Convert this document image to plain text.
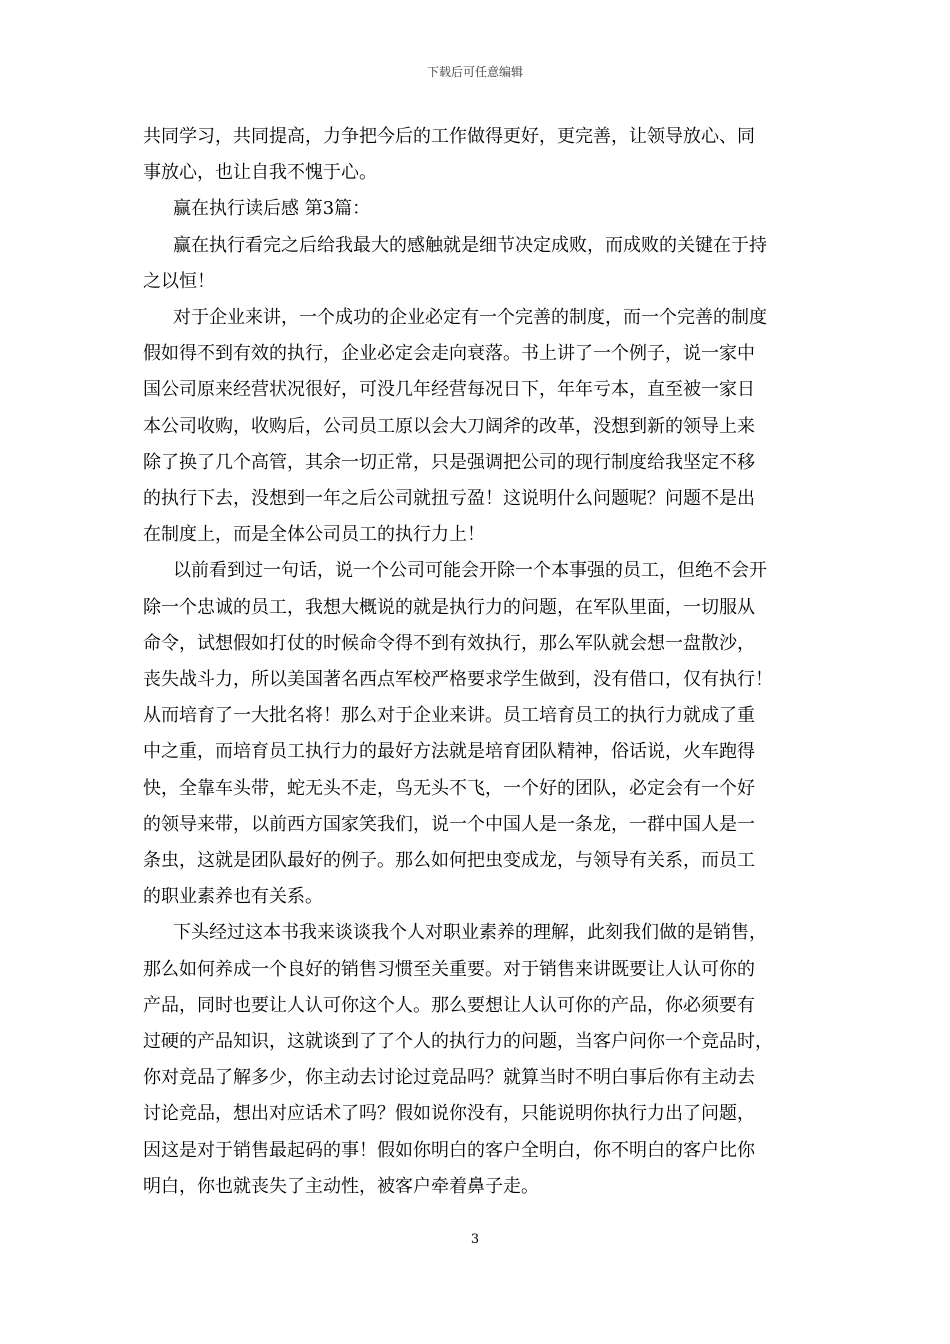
下载后可任意编辑

共同学习，共同提高，力争把今后的工作做得更好，更完善，让领导放心、同

事放心，也让自我不愧于心。

赢在执行读后感 第3篇：

赢在执行看完之后给我最大的感触就是细节决定成败，而成败的关键在于持

之以恒！

对于企业来讲，一个成功的企业必定有一个完善的制度，而一个完善的制度

假如得不到有效的执行，企业必定会走向衰落。书上讲了一个例子，说一家中

国公司原来经营状况很好，可没几年经营每况日下，年年亏本，直至被一家日

本公司收购，收购后，公司员工原以会大刀阔斧的改革，没想到新的领导上来

除了换了几个高管，其余一切正常，只是强调把公司的现行制度给我坚定不移

的执行下去，没想到一年之后公司就扭亏盈！这说明什么问题呢？问题不是出

在制度上，而是全体公司员工的执行力上！

以前看到过一句话，说一个公司可能会开除一个本事强的员工，但绝不会开

除一个忠诚的员工，我想大概说的就是执行力的问题，在军队里面，一切服从

命令，试想假如打仗的时候命令得不到有效执行，那么军队就会想一盘散沙，

丧失战斗力，所以美国著名西点军校严格要求学生做到，没有借口，仅有执行！

从而培育了一大批名将！那么对于企业来讲。员工培育员工的执行力就成了重

中之重，而培育员工执行力的最好方法就是培育团队精神，俗话说，火车跑得

快，全靠车头带，蛇无头不走，鸟无头不飞，一个好的团队，必定会有一个好

的领导来带，以前西方国家笑我们，说一个中国人是一条龙，一群中国人是一

条虫，这就是团队最好的例子。那么如何把虫变成龙，与领导有关系，而员工

的职业素养也有关系。

下头经过这本书我来谈谈我个人对职业素养的理解，此刻我们做的是销售，

那么如何养成一个良好的销售习惯至关重要。对于销售来讲既要让人认可你的

产品，同时也要让人认可你这个人。那么要想让人认可你的产品，你必须要有

过硬的产品知识，这就谈到了了个人的执行力的问题，当客户问你一个竞品时，

你对竞品了解多少，你主动去讨论过竞品吗？就算当时不明白事后你有主动去

讨论竞品，想出对应话术了吗？假如说你没有，只能说明你执行力出了问题，

因这是对于销售最起码的事！假如你明白的客户全明白，你不明白的客户比你

明白，你也就丧失了主动性，被客户牵着鼻子走。

3
